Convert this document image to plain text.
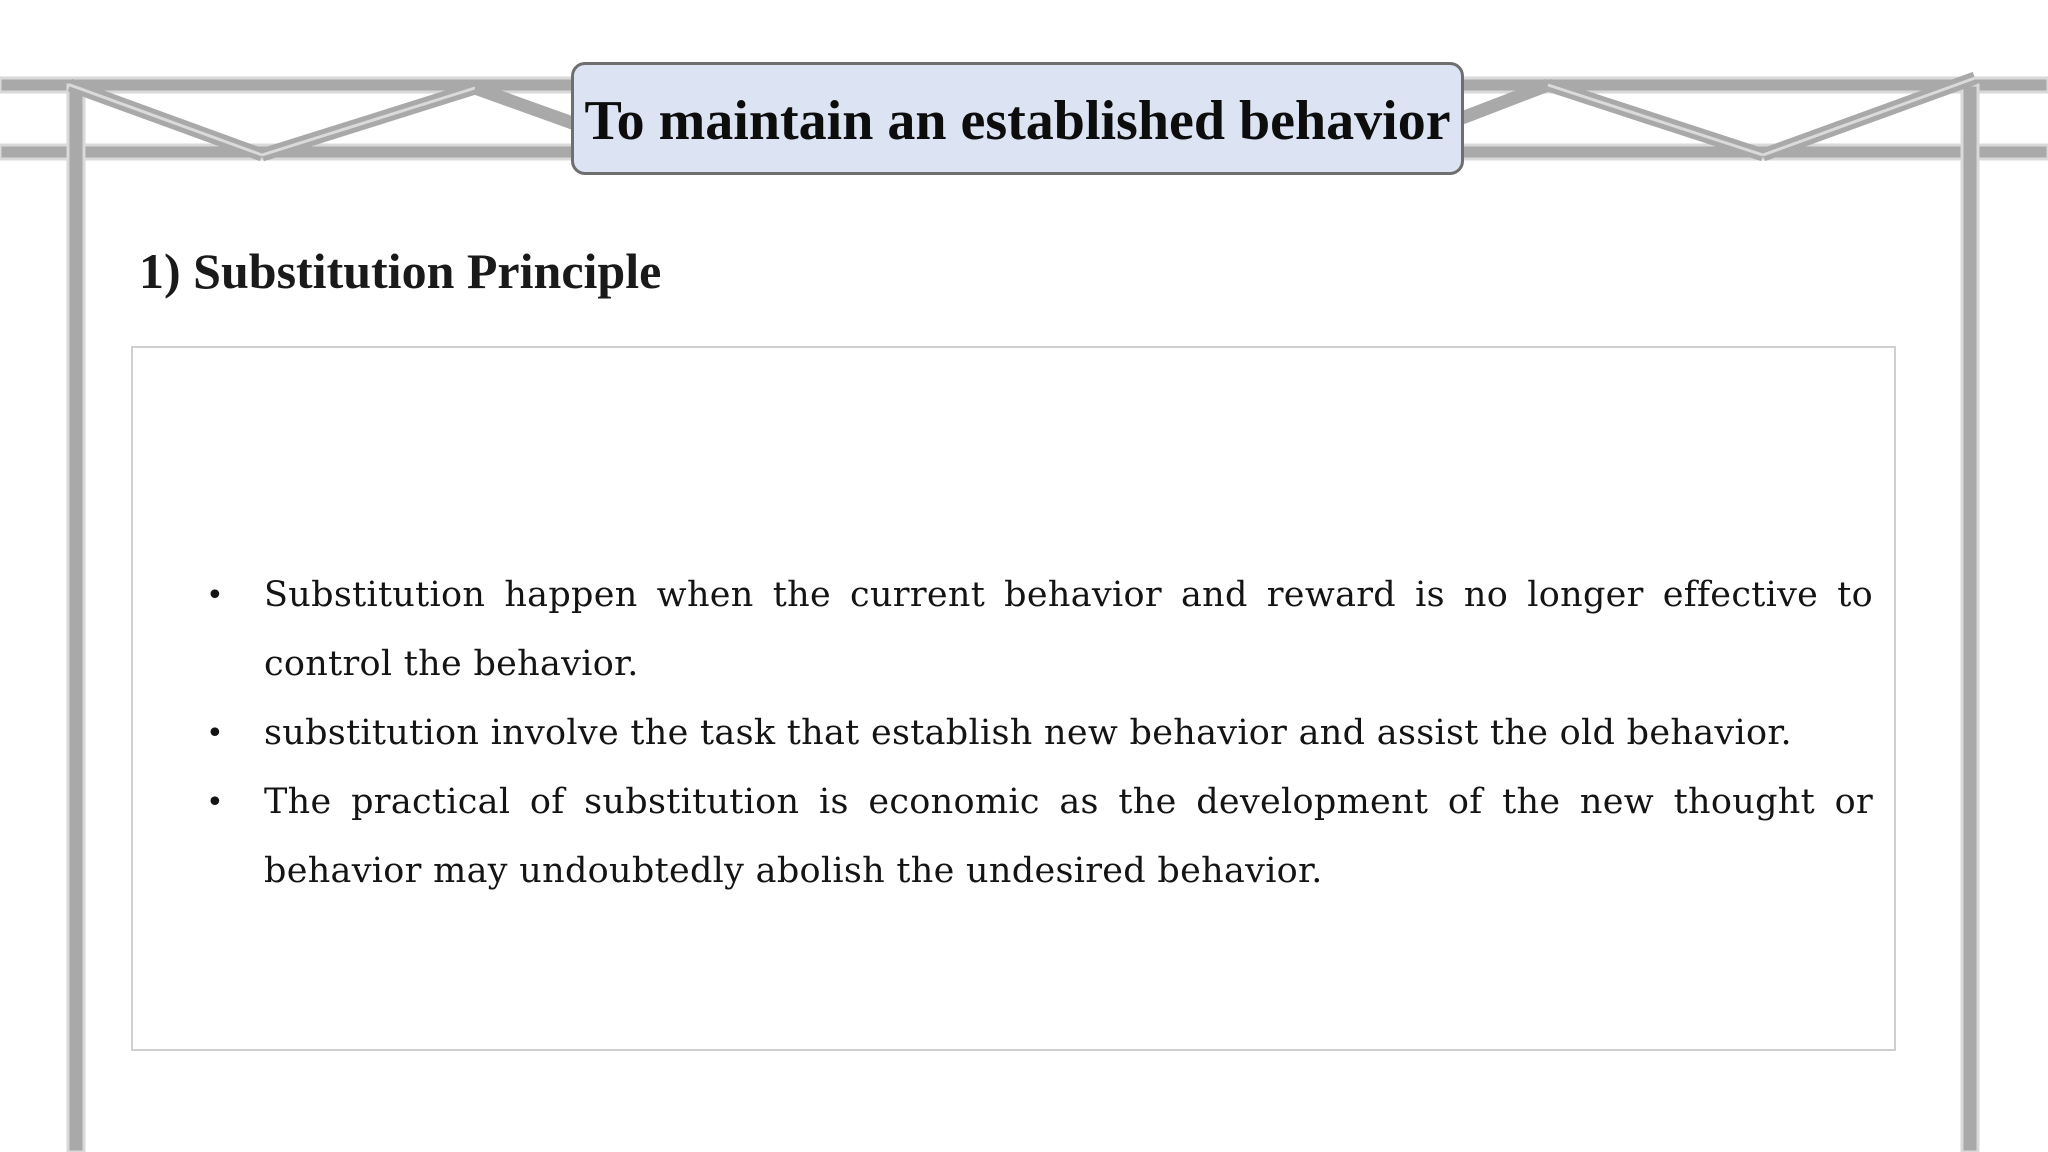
To maintain an established behavior
1) Substitution Principle
• Substitution happen when the current behavior and reward is no longer effective to control the behavior.
• substitution involve the task that establish new behavior and assist the old behavior.
• The practical of substitution is economic as the development of the new thought or behavior may undoubtedly abolish the undesired behavior.
